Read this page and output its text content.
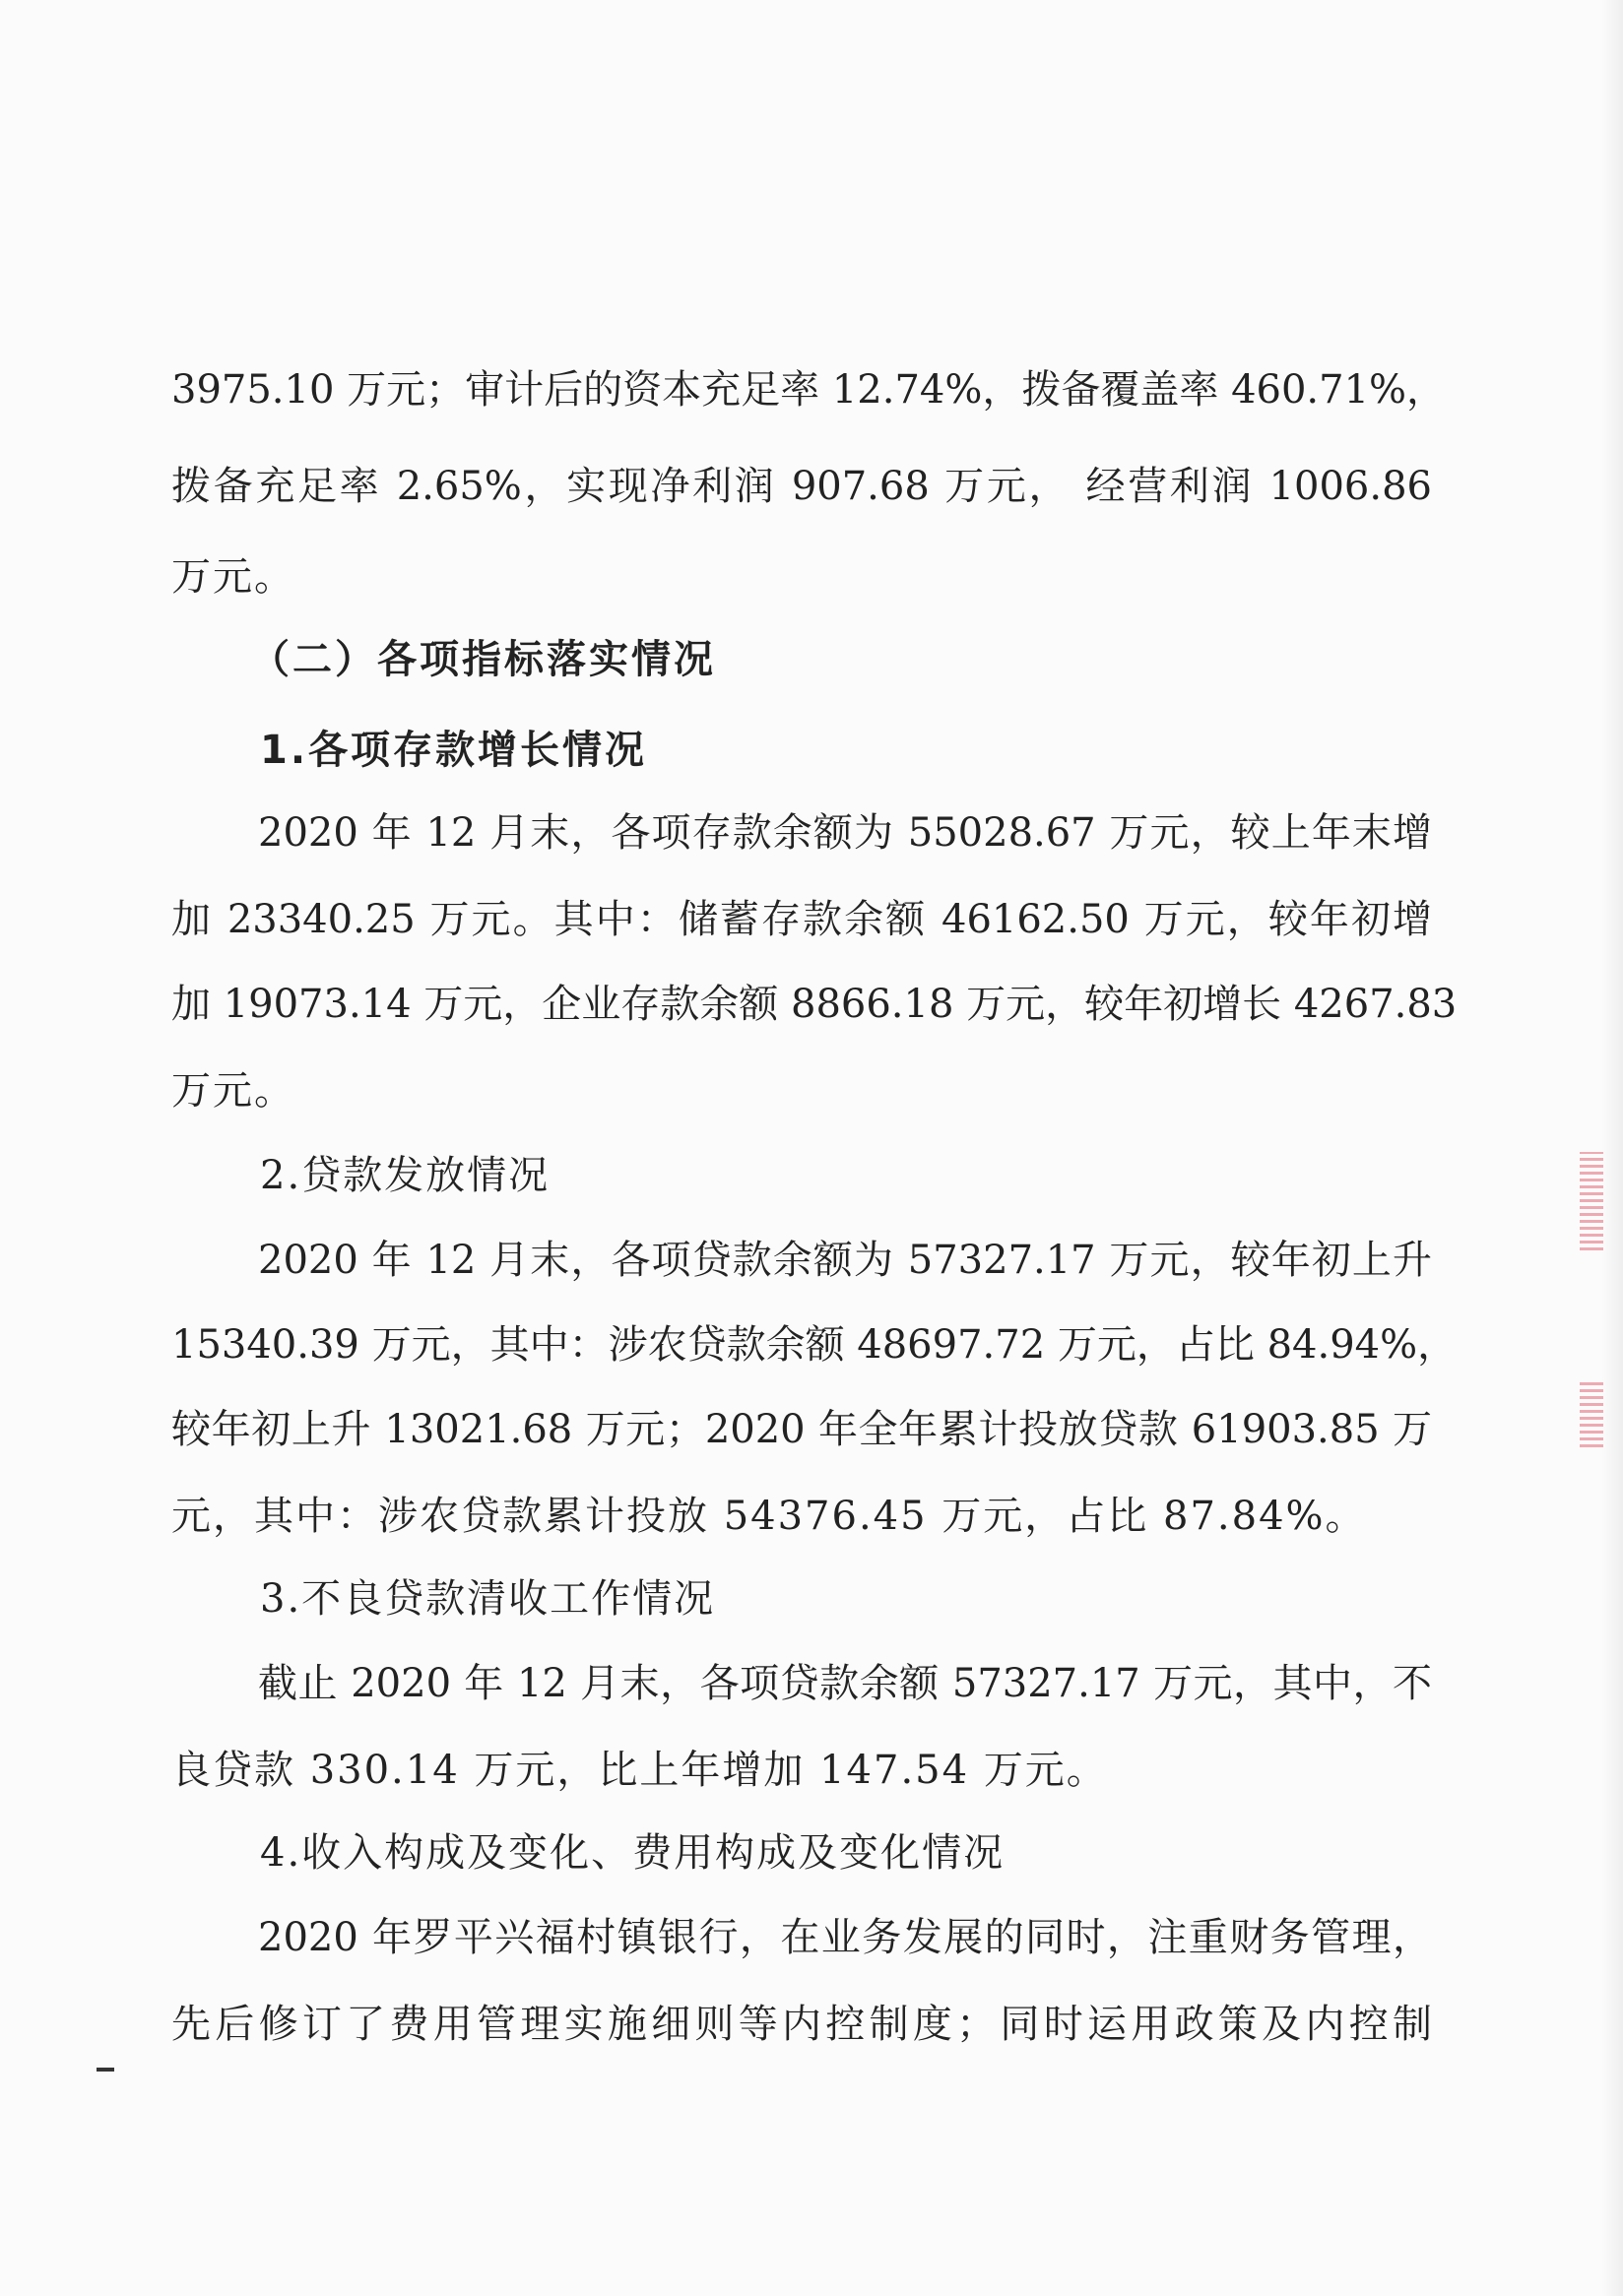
3975.10 万元；审计后的资本充足率 12.74%，拨备覆盖率 460.71%，
拨备充足率 2.65%，实现净利润 907.68 万元， 经营利润 1006.86
万元。
（二）各项指标落实情况
1.各项存款增长情况
2020 年 12 月末，各项存款余额为 55028.67 万元，较上年末增
加 23340.25 万元。其中：储蓄存款余额 46162.50 万元，较年初增
加 19073.14 万元，企业存款余额 8866.18 万元，较年初增长 4267.83
万元。
2.贷款发放情况
2020 年 12 月末，各项贷款余额为 57327.17 万元，较年初上升
15340.39 万元，其中：涉农贷款余额 48697.72 万元，占比 84.94%，
较年初上升 13021.68 万元；2020 年全年累计投放贷款 61903.85 万
元，其中：涉农贷款累计投放 54376.45 万元，占比 87.84%。
3.不良贷款清收工作情况
截止 2020 年 12 月末，各项贷款余额 57327.17 万元，其中，不
良贷款 330.14 万元，比上年增加 147.54 万元。
4.收入构成及变化、费用构成及变化情况
2020 年罗平兴福村镇银行，在业务发展的同时，注重财务管理，
先后修订了费用管理实施细则等内控制度；同时运用政策及内控制
